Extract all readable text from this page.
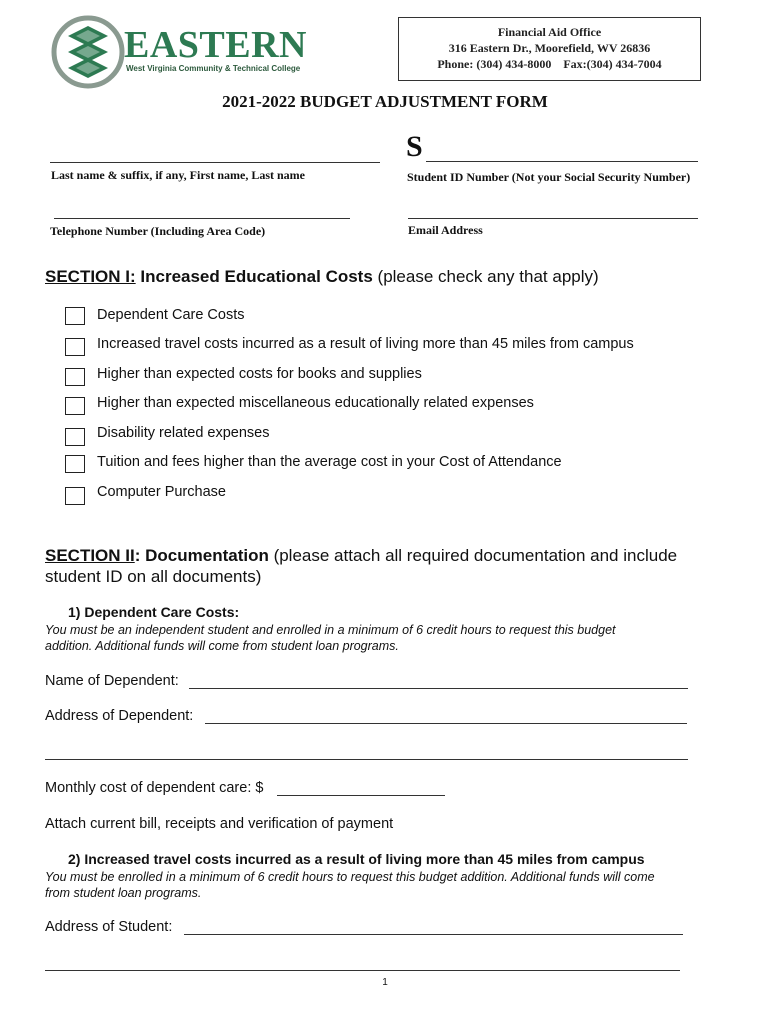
EASTERN
West Virginia Community & Technical College
Financial Aid Office
316 Eastern Dr., Moorefield, WV 26836
Phone: (304) 434-8000    Fax:(304) 434-7004
2021-2022 BUDGET ADJUSTMENT FORM
Last name & suffix, if any, First name, Last name
S
Student ID Number (Not your Social Security Number)
Telephone Number (Including Area Code)	Email Address
SECTION I: Increased Educational Costs (please check any that apply)
Dependent Care Costs
Increased travel costs incurred as a result of living more than 45 miles from campus
Higher than expected costs for books and supplies
Higher than expected miscellaneous educationally related expenses
Disability related expenses
Tuition and fees higher than the average cost in your Cost of Attendance
Computer Purchase
SECTION II: Documentation (please attach all required documentation and include
student ID on all documents)
1) Dependent Care Costs:
You must be an independent student and enrolled in a minimum of 6 credit hours to request this budget
addition. Additional funds will come from student loan programs.
Name of Dependent:
Address of Dependent:
Monthly cost of dependent care: $
Attach current bill, receipts and verification of payment
2) Increased travel costs incurred as a result of living more than 45 miles from campus
You must be enrolled in a minimum of 6 credit hours to request this budget addition. Additional funds will come
from student loan programs.
Address of Student:
1
